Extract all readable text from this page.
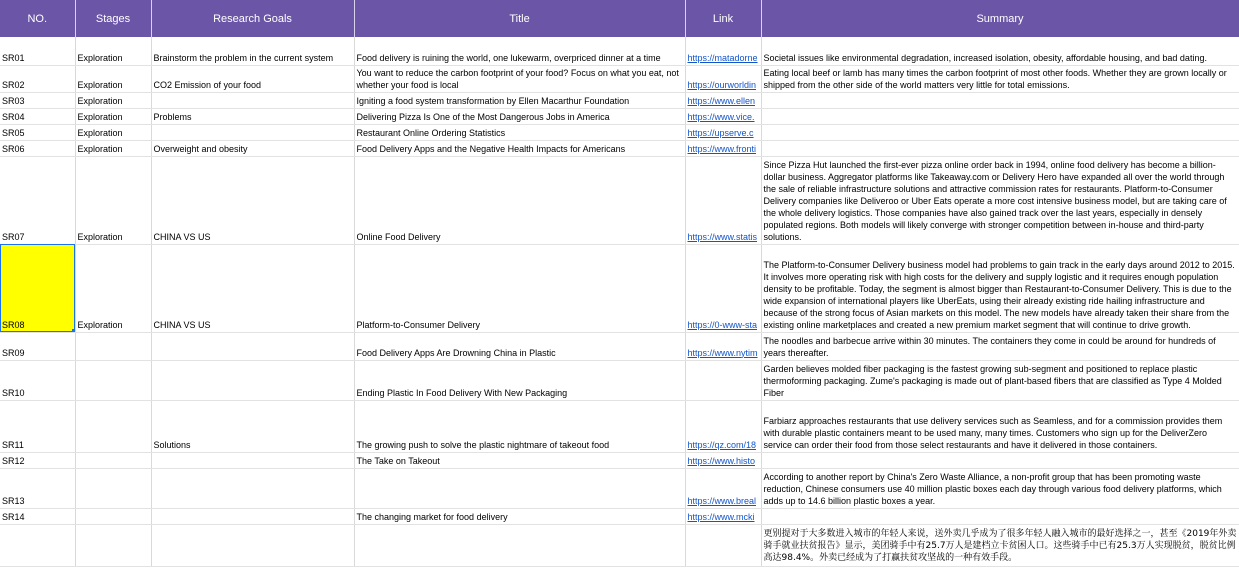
NO.	Stages	Research Goals	Title	Link	Summary
SR01	Exploration	Brainstorm the problem in the current system	Food delivery is ruining the world, one lukewarm, overpriced dinner at a time	https://matadorne	Societal issues like environmental degradation, increased isolation, obesity, affordable housing, and bad dating.
SR02	Exploration	CO2 Emission of your food	You want to reduce the carbon footprint of your food? Focus on what you eat, not whether your food is local	https://ourworldin	Eating local beef or lamb has many times the carbon footprint of most other foods. Whether they are grown locally or shipped from the other side of the world matters very little for total emissions.
SR03	Exploration		Igniting a food system transformation by Ellen Macarthur Foundation	https://www.ellen	
SR04	Exploration	Problems	Delivering Pizza Is One of the Most Dangerous Jobs in America	https://www.vice.	
SR05	Exploration		Restaurant Online Ordering Statistics	https://upserve.c	
SR06	Exploration	Overweight and obesity	Food Delivery Apps and the Negative Health Impacts for Americans	https://www.fronti	
SR07	Exploration	CHINA VS US	Online Food Delivery	https://www.statis	Since Pizza Hut launched the first-ever pizza online order back in 1994, online food delivery has become a billion-dollar business. Aggregator platforms like Takeaway.com or Delivery Hero have expanded all over the world through the sale of reliable infrastructure solutions and attractive commission rates for restaurants. Platform-to-Consumer Delivery companies like Deliveroo or Uber Eats operate a more cost intensive business model, but are taking care of the whole delivery logistics. Those companies have also gained track over the last years, especially in densely populated regions. Both models will likely converge with stronger competition between in-house and third-party solutions.
SR08	Exploration	CHINA VS US	Platform-to-Consumer Delivery	https://0-www-sta	The Platform-to-Consumer Delivery business model had problems to gain track in the early days around 2012 to 2015. It involves more operating risk with high costs for the delivery and supply logistic and it requires enough population density to be profitable. Today, the segment is almost bigger than Restaurant-to-Consumer Delivery. This is due to the wide expansion of international players like UberEats, using their already existing ride hailing infrastructure and because of the strong focus of Asian markets on this model. The new models have already taken their share from the existing online marketplaces and created a new premium market segment that will continue to drive growth.
SR09			Food Delivery Apps Are Drowning China in Plastic	https://www.nytim	The noodles and barbecue arrive within 30 minutes. The containers they come in could be around for hundreds of years thereafter.
SR10			Ending Plastic In Food Delivery With New Packaging		Garden believes molded fiber packaging is the fastest growing sub-segment and positioned to replace plastic thermoforming packaging. Zume's packaging is made out of plant-based fibers that are classified as Type 4 Molded Fiber
SR11		Solutions	The growing push to solve the plastic nightmare of takeout food	https://qz.com/18	Farbiarz approaches restaurants that use delivery services such as Seamless, and for a commission provides them with durable plastic containers meant to be used many, many times. Customers who sign up for the DeliverZero service can order their food from those select restaurants and have it delivered in those containers.
SR12			The Take on Takeout	https://www.histo	
SR13				https://www.breal	According to another report by China's Zero Waste Alliance, a non-profit group that has been promoting waste reduction, Chinese consumers use 40 million plastic boxes each day through various food delivery platforms, which adds up to 14.6 billion plastic boxes a year.
SR14			The changing market for food delivery	https://www.mcki	
					更别提对于大多数进入城市的年轻人来说，送外卖几乎成为了很多年轻人融入城市的最好选择之一，甚至《2019年外卖骑手就业扶贫报告》显示，美团骑手中有25.7万人是建档立卡贫困人口。这些骑手中已有25.3万人实现脱贫，脱贫比例高达98.4%。外卖已经成为了打赢扶贫攻坚战的一种有效手段。
